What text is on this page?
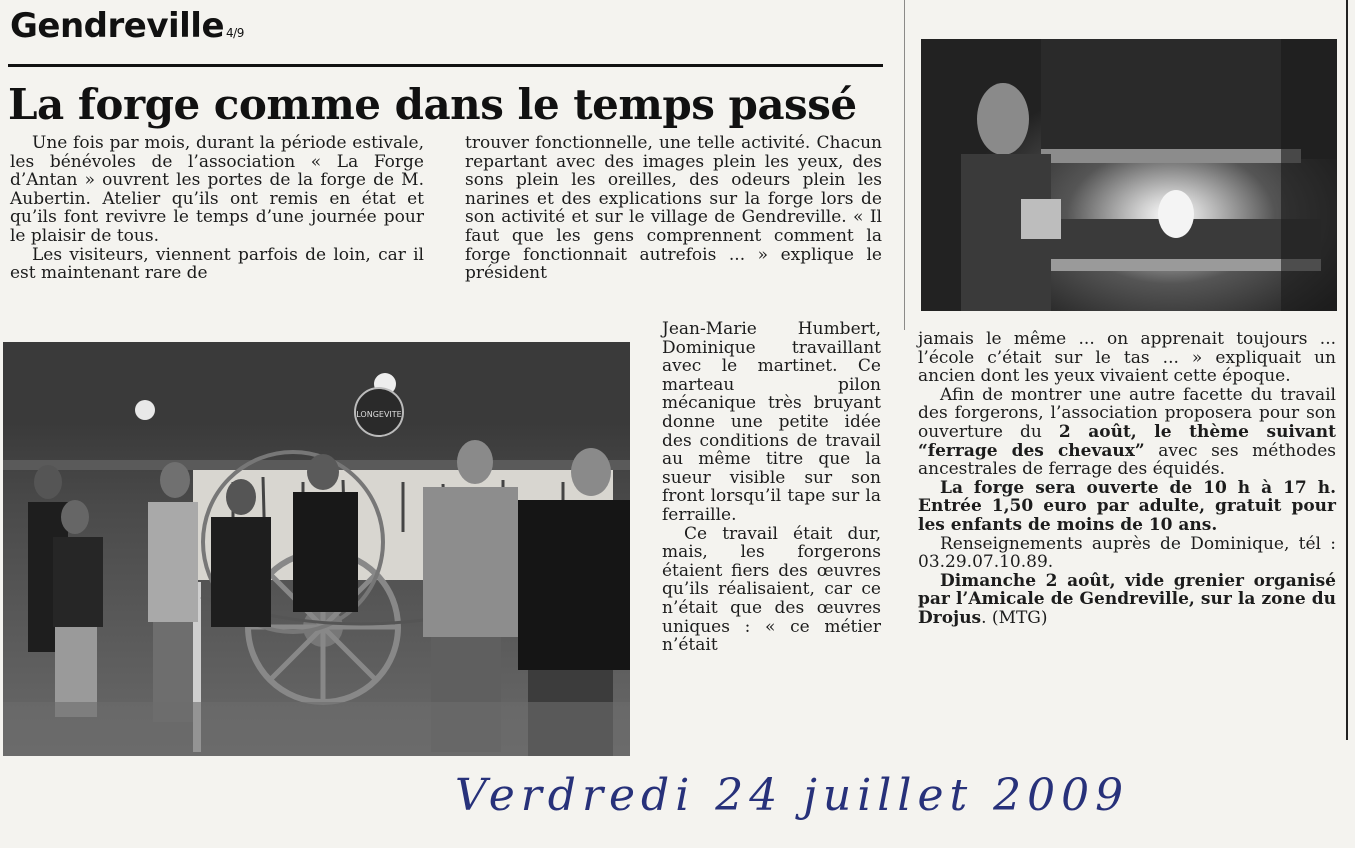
Gendreville 4/9
La forge comme dans le temps passé

Une fois par mois, durant la période estivale, les bénévoles de l’association « La Forge d’Antan » ouvrent les portes de la forge de M. Aubertin. Atelier qu’ils ont remis en état et qu’ils font revivre le temps d’une journée pour le plaisir de tous.

Les visiteurs, viennent parfois de loin, car il est maintenant rare de

trouver fonctionnelle, une telle activité. Chacun repartant avec des images plein les yeux, des sons plein les oreilles, des odeurs plein les narines et des explications sur la forge lors de son activité et sur le village de Gendreville. « Il faut que les gens comprennent comment la forge fonctionnait autrefois ... » explique le président

Jean-Marie Humbert, Dominique travaillant avec le martinet. Ce marteau pilon mécanique très bruyant donne une petite idée des conditions de travail au même titre que la sueur visible sur son front lorsqu’il tape sur la ferraille.

Ce travail était dur, mais, les forgerons étaient fiers des œuvres qu’ils réalisaient, car ce n’était que des œuvres uniques : « ce métier n’était

LONGEVITE

jamais le même ... on apprenait toujours ... l’école c’était sur le tas ... » expliquait un ancien dont les yeux vivaient cette époque.

Afin de montrer une autre facette du travail des forgerons, l’association proposera pour son ouverture du 2 août, le thème suivant “ferrage des chevaux” avec ses méthodes ancestrales de ferrage des équidés.

La forge sera ouverte de 10 h à 17 h. Entrée 1,50 euro par adulte, gratuit pour les enfants de moins de 10 ans.

Renseignements auprès de Dominique, tél : 03.29.07.10.89.

Dimanche 2 août, vide grenier organisé par l’Amicale de Gendreville, sur la zone du Drojus. (MTG)

Verdredi 24 juillet 2009
